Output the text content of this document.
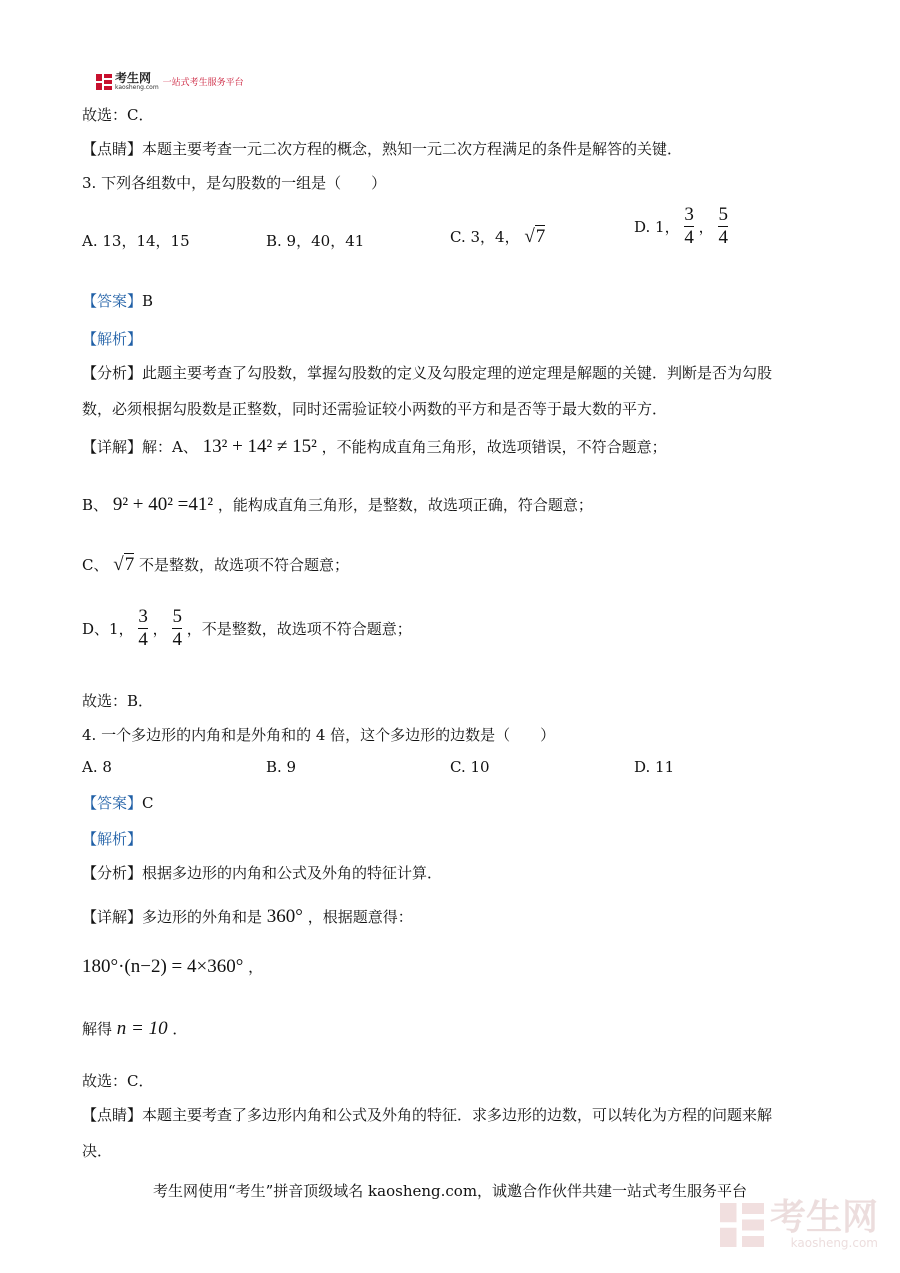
考生网
kaosheng.com 一站式考生服务平台
故选：C．
【点睛】本题主要考查一元二次方程的概念，熟知一元二次方程满足的条件是解答的关键．
3. 下列各组数中，是勾股数的一组是（　　）
A. 13，14，15	B. 9，40，41	C. 3，4， √7	D. 1， $\frac{3}{4}$ ， $\frac{5}{4}$
【答案】B
【解析】
【分析】此题主要考查了勾股数，掌握勾股数的定义及勾股定理的逆定理是解题的关键．判断是否为勾股
数，必须根据勾股数是正整数，同时还需验证较小两数的平方和是否等于最大数的平方．
【详解】解：A、 13² + 14² ≠ 15² ，不能构成直角三角形，故选项错误，不符合题意；
B、 9² + 40² =41² ，能构成直角三角形，是整数，故选项正确，符合题意；
C、 √7 不是整数，故选项不符合题意；
D、1， $\frac{3}{4}$ ， $\frac{5}{4}$ ，不是整数，故选项不符合题意；
故选：B．
4. 一个多边形的内角和是外角和的 4 倍，这个多边形的边数是（　　）
A. 8	B. 9	C. 10	D. 11
【答案】C
【解析】
【分析】根据多边形的内角和公式及外角的特征计算．
【详解】多边形的外角和是 360° ，根据题意得：
180°·(n−2) = 4×360° ，
解得 n = 10 ．
故选：C．
【点睛】本题主要考查了多边形内角和公式及外角的特征．求多边形的边数，可以转化为方程的问题来解
决．
考生网使用“考生”拼音顶级域名 kaosheng.com，诚邀合作伙伴共建一站式考生服务平台
考生网
kaosheng.com
